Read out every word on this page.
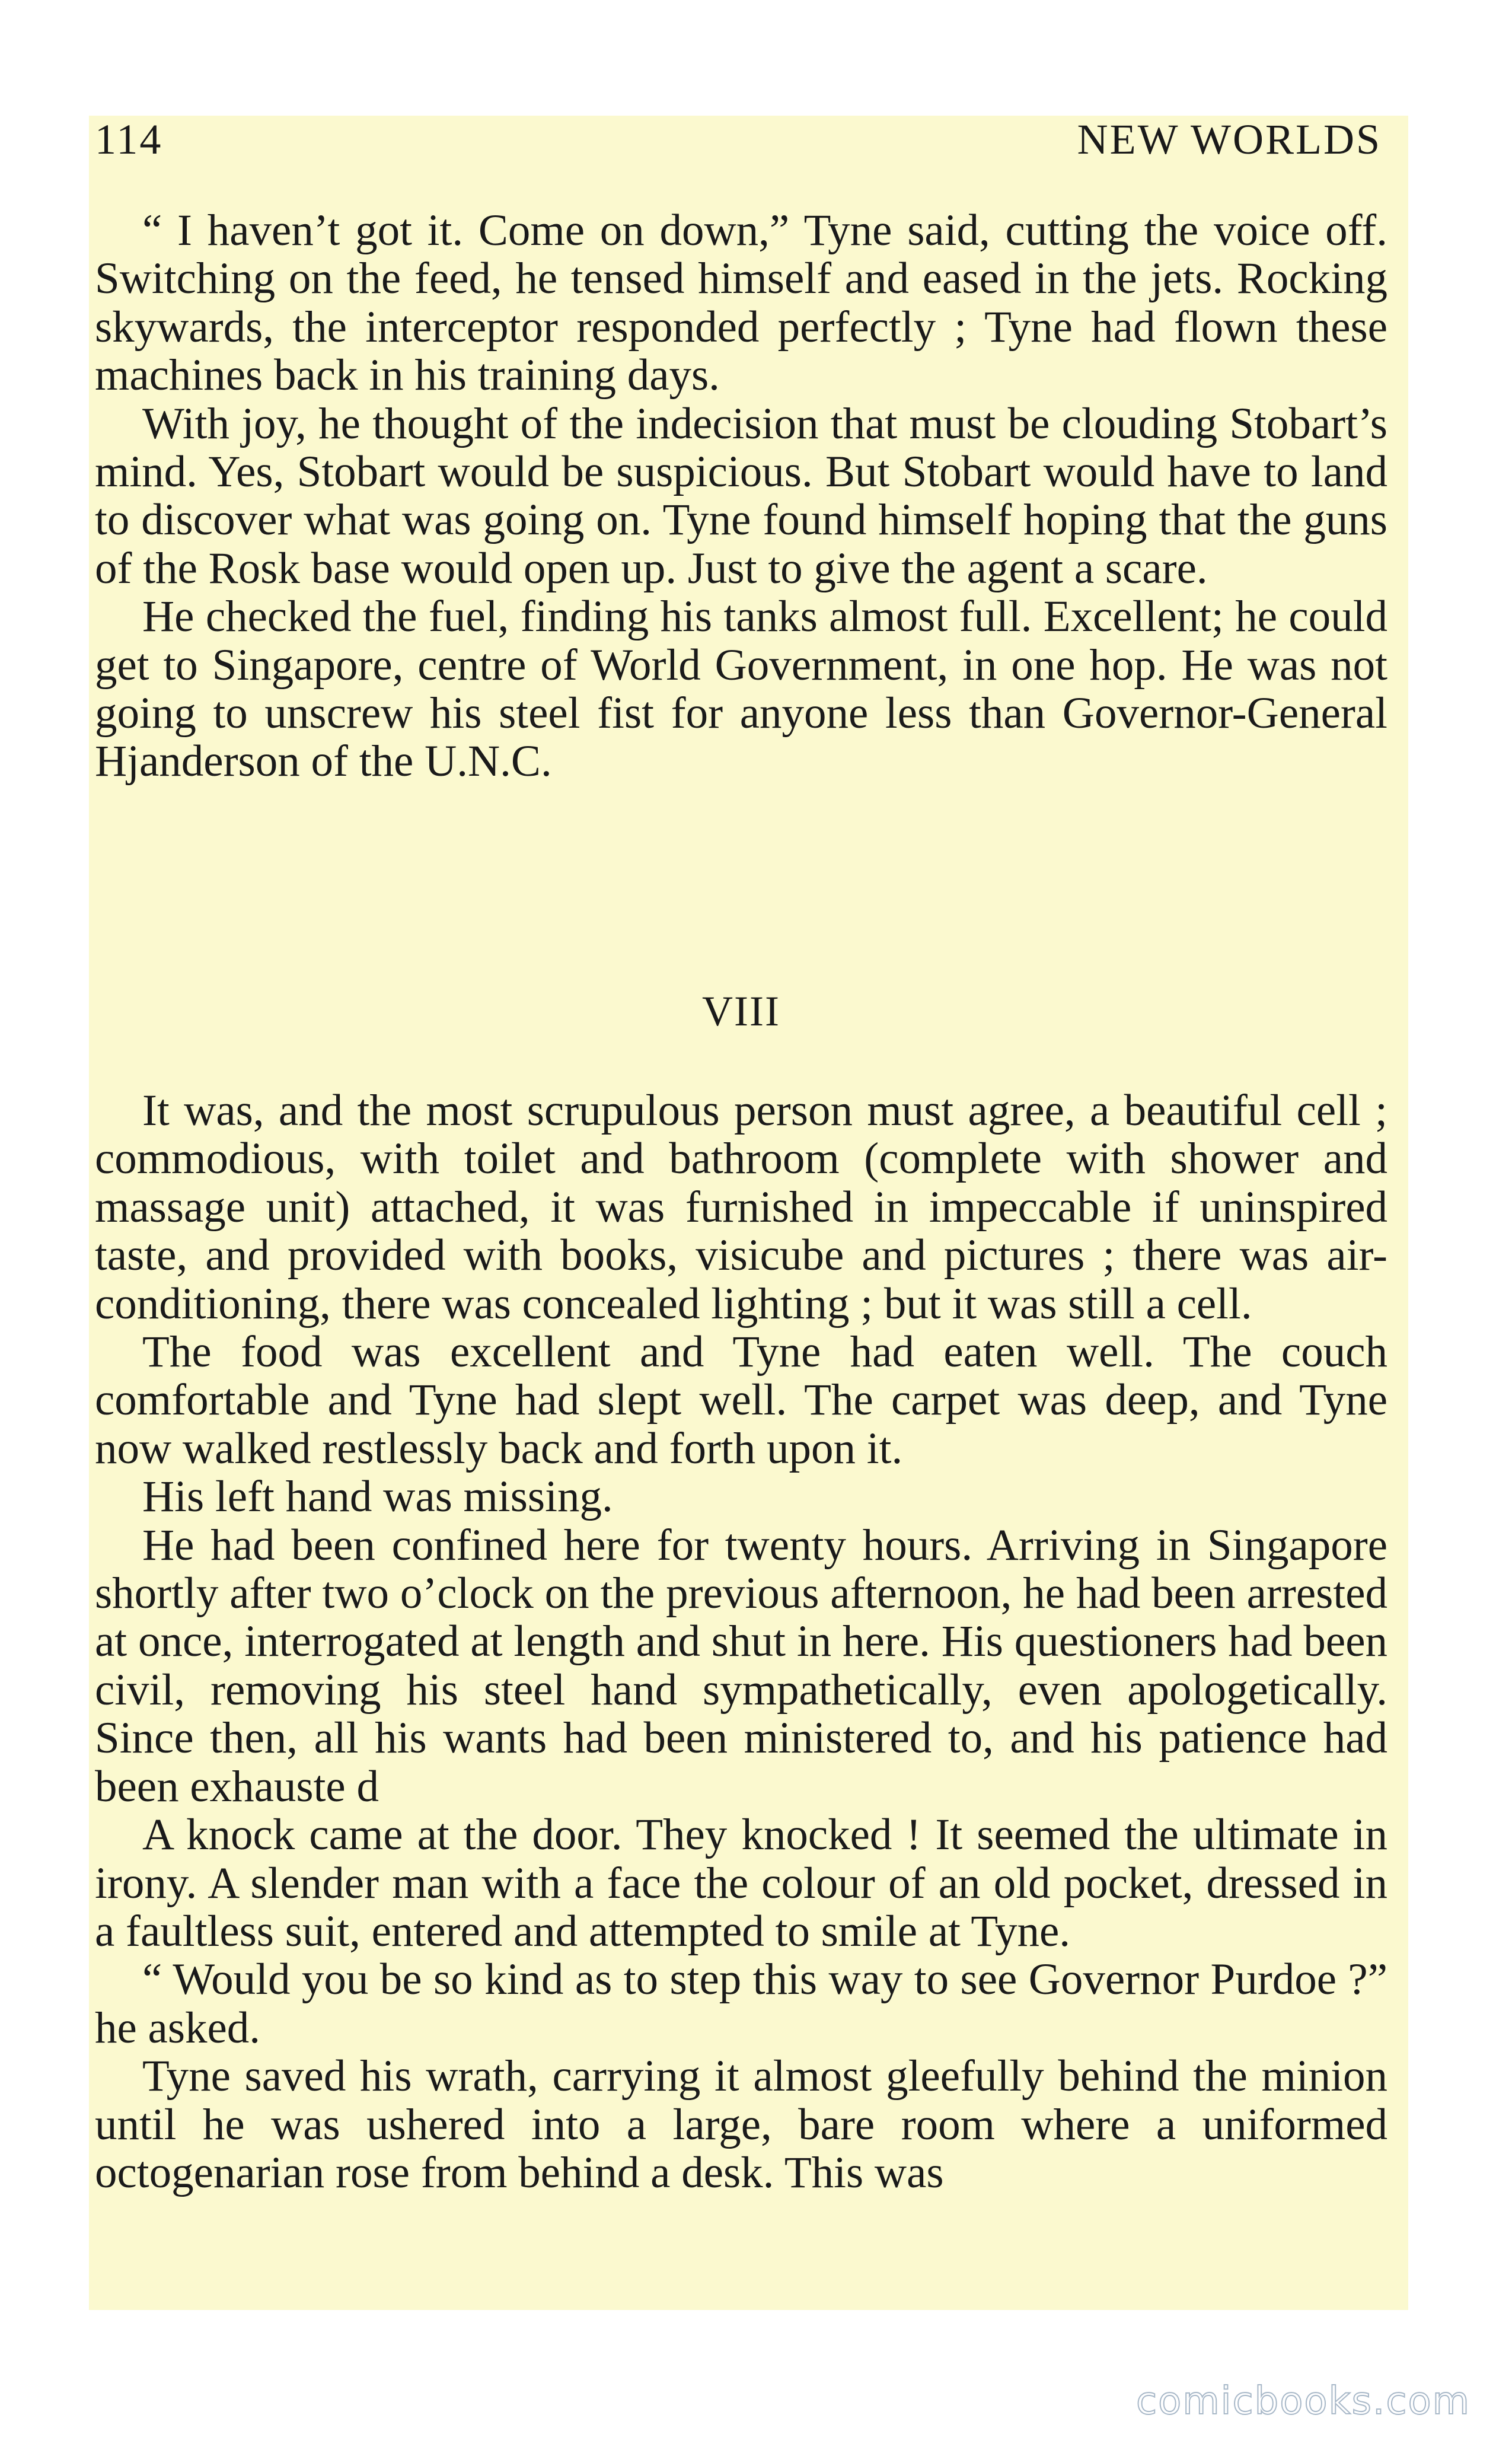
114	NEW WORLDS

“ I haven’t got it. Come on down,” Tyne said, cutting the voice off. Switching on the feed, he tensed himself and eased in the jets. Rocking skywards, the interceptor responded perfectly ; Tyne had flown these machines back in his training days.

With joy, he thought of the indecision that must be clouding Stobart’s mind. Yes, Stobart would be suspicious. But Stobart would have to land to discover what was going on. Tyne found himself hoping that the guns of the Rosk base would open up. Just to give the agent a scare.

He checked the fuel, finding his tanks almost full. Excellent; he could get to Singapore, centre of World Government, in one hop. He was not going to unscrew his steel fist for anyone less than Governor-General Hjanderson of the U.N.C.

VIII

It was, and the most scrupulous person must agree, a beautiful cell ; commodious, with toilet and bathroom (complete with shower and massage unit) attached, it was furnished in impeccable if uninspired taste, and provided with books, visicube and pictures ; there was air-conditioning, there was concealed lighting ; but it was still a cell.

The food was excellent and Tyne had eaten well. The couch comfortable and Tyne had slept well. The carpet was deep, and Tyne now walked restlessly back and forth upon it.

His left hand was missing.

He had been confined here for twenty hours. Arriving in Singapore shortly after two o’clock on the previous afternoon, he had been arrested at once, interrogated at length and shut in here. His questioners had been civil, removing his steel hand sympathetically, even apologetically. Since then, all his wants had been ministered to, and his patience had been exhauste d

A knock came at the door. They knocked ! It seemed the ultimate in irony. A slender man with a face the colour of an old pocket, dressed in a faultless suit, entered and attempted to smile at Tyne.

“ Would you be so kind as to step this way to see Governor Purdoe ?” he asked.

Tyne saved his wrath, carrying it almost gleefully behind the minion until he was ushered into a large, bare room where a uniformed octogenarian rose from behind a desk. This was

comicbooks.com
